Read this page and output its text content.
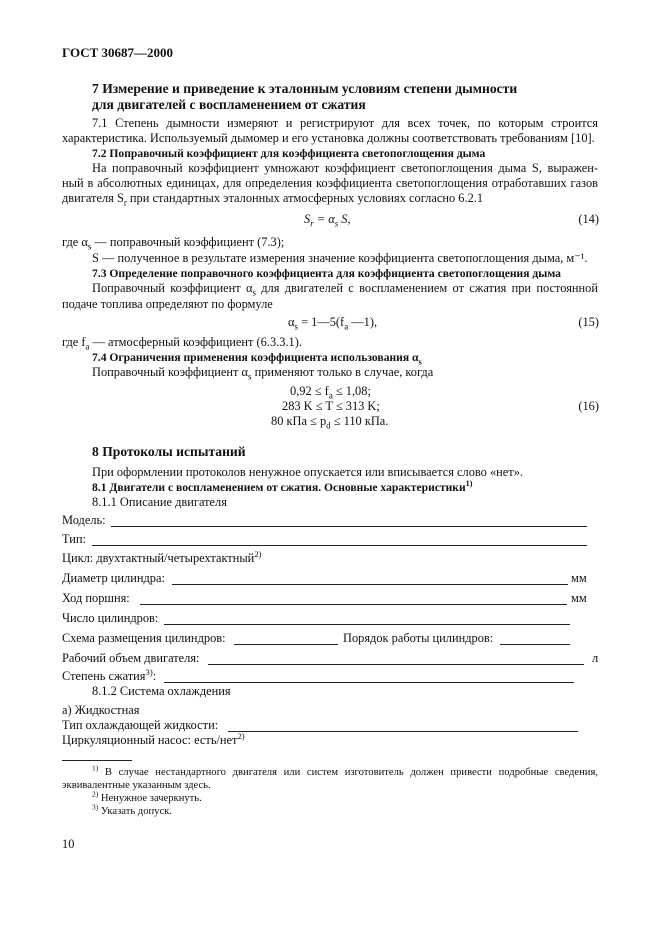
ГОСТ 30687—2000
7 Измерение и приведение к эталонным условиям степени дымности
для двигателей с воспламенением от сжатия
7.1 Степень дымности измеряют и регистрируют для всех точек, по которым строится
характеристика. Используемый дымомер и его установка должны соответствовать требованиям [10].
7.2 Поправочный коэффициент для коэффициента светопоглощения дыма
На поправочный коэффициент умножают коэффициент светопоглощения дыма S, выражен-
ный в абсолютных единицах, для определения коэффициента светопоглощения отработавших газов
двигателя $S_r$ при стандартных эталонных атмосферных условиях согласно 6.2.1
$S_r = \alpha_s$ S,	(14)
где $\alpha_s$ — поправочный коэффициент (7.3);
S — полученное в результате измерения значение коэффициента светопоглощения дыма, м⁻¹.
7.3 Определение поправочного коэффициента для коэффициента светопоглощения дыма
Поправочный коэффициент $\alpha_s$ для двигателей с воспламенением от сжатия при постоянной
подаче топлива определяют по формуле
$\alpha_s$ = $1—5(f_a$ —1),	(15)
где $f_a$ — атмосферный коэффициент (6.3.3.1).
7.4 Ограничения применения коэффициента использования $\alpha_s$
Поправочный коэффициент $\alpha_s$ применяют только в случае, когда
$0,92 \le f_a \le 1,08$;
283 K ≤ T ≤ 313 K;
80 кПа ≤ $p_d \le 110$ кПа.
(16)
8 Протоколы испытаний
При оформлении протоколов ненужное опускается или вписывается слово «нет».
8.1 Двигатели с воспламенением от сжатия. Основные характеристики$^{1)}$
8.1.1 Описание двигателя
Модель:
Тип:
Цикл: двухтактный/четырехтактный$^{2)}$
Диаметр цилиндра:	мм
Ход поршня:	мм
Число цилиндров:
Схема размещения цилиндров:	Порядок работы цилиндров:
Рабочий объем двигателя:	л
Степень сжатия$^{3)}$:
8.1.2 Система охлаждения
а) Жидкостная
Тип охлаждающей жидкости:
Циркуляционный насос: есть/нет$^{2)}$
$^{1)}$ В случае нестандартного двигателя или систем изготовитель должен привести подробные сведения,
эквивалентные указанным здесь.
$^{2)}$ Ненужное зачеркнуть.
$^{3)}$ Указать допуск.
10
